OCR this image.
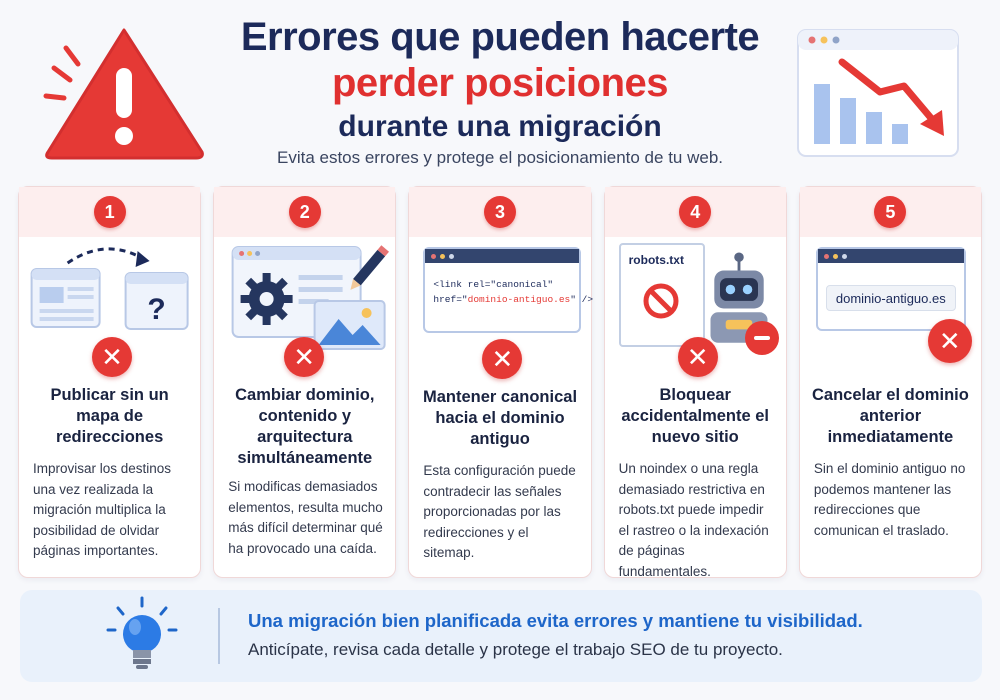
Errores que pueden hacerte
perder posiciones
durante una migración
Evita estos errores y protege el posicionamiento de tu web.
1
?
✕
Publicar sin un mapa de redirecciones
Improvisar los destinos una vez realizada la migración multiplica la posibilidad de olvidar páginas importantes.
2
✕
Cambiar dominio, contenido y arquitectura simultáneamente
Si modificas demasiados elementos, resulta mucho más difícil determinar qué ha provocado una caída.
3
<link rel="canonical"
href="dominio-antiguo.es" />
✕
Mantener canonical hacia el dominio antiguo
Esta configuración puede contradecir las señales proporcionadas por las redirecciones y el sitemap.
4
robots.txt
✕
Bloquear accidentalmente el nuevo sitio
Un noindex o una regla demasiado restrictiva en robots.txt puede impedir el rastreo o la indexación de páginas fundamentales.
5
dominio-antiguo.es
✕
Cancelar el dominio anterior inmediatamente
Sin el dominio antiguo no podemos mantener las redirecciones que comunican el traslado.
Una migración bien planificada evita errores y mantiene tu visibilidad.
Anticípate, revisa cada detalle y protege el trabajo SEO de tu proyecto.
